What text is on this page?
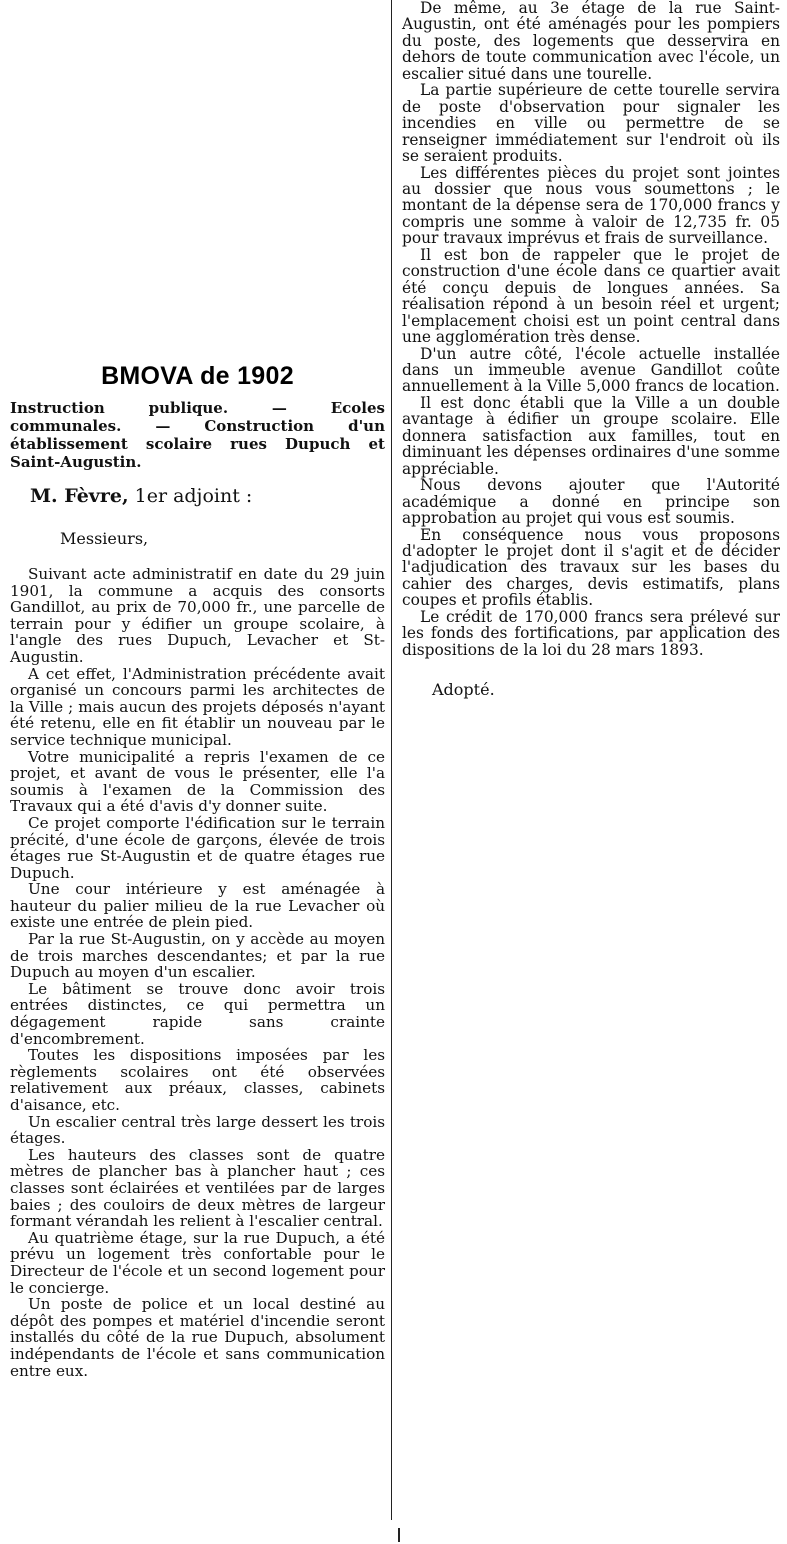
BMOVA de 1902
Instruction publique. — Ecoles communales. — Construction d'un établissement scolaire rues Dupuch et Saint-Augustin.
M. Fèvre, 1er adjoint :
Messieurs,

Suivant acte administratif en date du 29 juin 1901, la commune a acquis des consorts Gandillot, au prix de 70,000 fr., une parcelle de terrain pour y édifier un groupe scolaire, à l'angle des rues Dupuch, Levacher et St-Augustin.

A cet effet, l'Administration précédente avait organisé un concours parmi les architectes de la Ville ; mais aucun des projets déposés n'ayant été retenu, elle en fit établir un nouveau par le service technique municipal.

Votre municipalité a repris l'examen de ce projet, et avant de vous le présenter, elle l'a soumis à l'examen de la Commission des Travaux qui a été d'avis d'y donner suite.

Ce projet comporte l'édification sur le terrain précité, d'une école de garçons, élevée de trois étages rue St-Augustin et de quatre étages rue Dupuch.

Une cour intérieure y est aménagée à hauteur du palier milieu de la rue Levacher où existe une entrée de plein pied.

Par la rue St-Augustin, on y accède au moyen de trois marches descendantes; et par la rue Dupuch au moyen d'un escalier.

Le bâtiment se trouve donc avoir trois entrées distinctes, ce qui permettra un dégagement rapide sans crainte d'encombrement.

Toutes les dispositions imposées par les règlements scolaires ont été observées relativement aux préaux, classes, cabinets d'aisance, etc.

Un escalier central très large dessert les trois étages.

Les hauteurs des classes sont de quatre mètres de plancher bas à plancher haut ; ces classes sont éclairées et ventilées par de larges baies ; des couloirs de deux mètres de largeur formant vérandah les relient à l'escalier central.

Au quatrième étage, sur la rue Dupuch, a été prévu un logement très confortable pour le Directeur de l'école et un second logement pour le concierge.

Un poste de police et un local destiné au dépôt des pompes et matériel d'incendie seront installés du côté de la rue Dupuch, absolument indépendants de l'école et sans communication entre eux.

De même, au 3e étage de la rue Saint-Augustin, ont été aménagés pour les pompiers du poste, des logements que desservira en dehors de toute communication avec l'école, un escalier situé dans une tourelle.

La partie supérieure de cette tourelle servira de poste d'observation pour signaler les incendies en ville ou permettre de se renseigner immédiatement sur l'endroit où ils se seraient produits.

Les différentes pièces du projet sont jointes au dossier que nous vous soumettons ; le montant de la dépense sera de 170,000 francs y compris une somme à valoir de 12,735 fr. 05 pour travaux imprévus et frais de surveillance.

Il est bon de rappeler que le projet de construction d'une école dans ce quartier avait été conçu depuis de longues années. Sa réalisation répond à un besoin réel et urgent; l'emplacement choisi est un point central dans une agglomération très dense.

D'un autre côté, l'école actuelle installée dans un immeuble avenue Gandillot coûte annuellement à la Ville 5,000 francs de location.

Il est donc établi que la Ville a un double avantage à édifier un groupe scolaire. Elle donnera satisfaction aux familles, tout en diminuant les dépenses ordinaires d'une somme appréciable.

Nous devons ajouter que l'Autorité académique a donné en principe son approbation au projet qui vous est soumis.

En conséquence nous vous proposons d'adopter le projet dont il s'agit et de décider l'adjudication des travaux sur les bases du cahier des charges, devis estimatifs, plans coupes et profils établis.

Le crédit de 170,000 francs sera prélevé sur les fonds des fortifications, par application des dispositions de la loi du 28 mars 1893.

Adopté.
